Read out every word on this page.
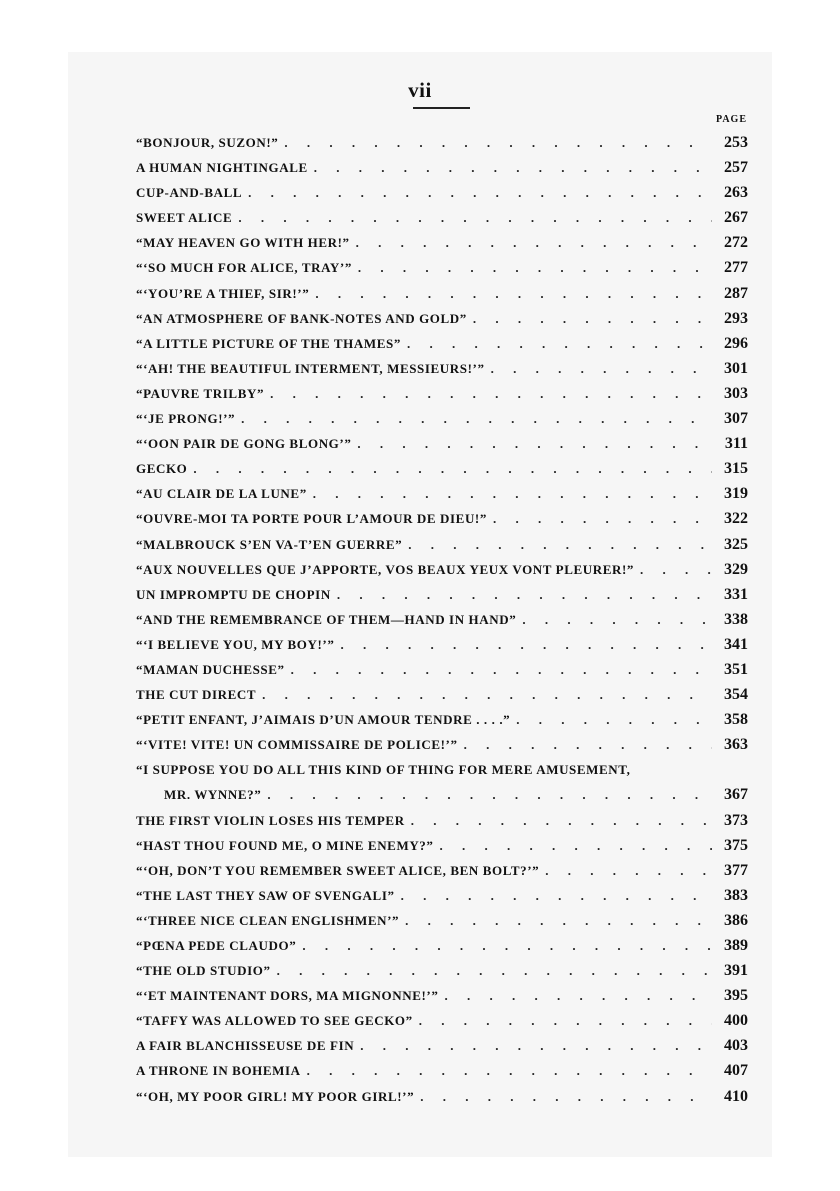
vii
PAGE
“BONJOUR, SUZON!” . . .	253
A HUMAN NIGHTINGALE . . .	257
CUP-AND-BALL . . .	263
SWEET ALICE . . .	267
“MAY HEAVEN GO WITH HER!” . . .	272
“‘SO MUCH FOR ALICE, TRAY’” . . .	277
“‘YOU’RE A THIEF, SIR!’” . . .	287
“AN ATMOSPHERE OF BANK-NOTES AND GOLD” . . .	293
“A LITTLE PICTURE OF THE THAMES” . . .	296
“‘AH! THE BEAUTIFUL INTERMENT, MESSIEURS!’” . . .	301
“PAUVRE TRILBY” . . .	303
“‘JE PRONG!’” . . .	307
“‘OON PAIR DE GONG BLONG’” . . .	311
GECKO . . .	315
“AU CLAIR DE LA LUNE” . . .	319
“OUVRE-MOI TA PORTE POUR L’AMOUR DE DIEU!” . . .	322
“MALBROUCK S’EN VA-T’EN GUERRE” . . .	325
“AUX NOUVELLES QUE J’APPORTE, VOS BEAUX YEUX VONT PLEURER!” . . .	329
UN IMPROMPTU DE CHOPIN . . .	331
“AND THE REMEMBRANCE OF THEM—HAND IN HAND” . . .	338
“‘I BELIEVE YOU, MY BOY!’” . . .	341
“MAMAN DUCHESSE” . . .	351
THE CUT DIRECT . . .	354
“PETIT ENFANT, J’AIMAIS D’UN AMOUR TENDRE . . . .” . . .	358
“‘VITE! VITE! UN COMMISSAIRE DE POLICE!’” . . .	363
“I SUPPOSE YOU DO ALL THIS KIND OF THING FOR MERE AMUSEMENT,
MR. WYNNE?” . . .	367
THE FIRST VIOLIN LOSES HIS TEMPER . . .	373
“HAST THOU FOUND ME, O MINE ENEMY?” . . .	375
“‘OH, DON’T YOU REMEMBER SWEET ALICE, BEN BOLT?’” . . .	377
“THE LAST THEY SAW OF SVENGALI” . . .	383
“‘THREE NICE CLEAN ENGLISHMEN’” . . .	386
“PŒNA PEDE CLAUDO” . . .	389
“THE OLD STUDIO” . . .	391
“‘ET MAINTENANT DORS, MA MIGNONNE!’” . . .	395
“TAFFY WAS ALLOWED TO SEE GECKO” . . .	400
A FAIR BLANCHISSEUSE DE FIN . . .	403
A THRONE IN BOHEMIA . . .	407
“‘OH, MY POOR GIRL! MY POOR GIRL!’” . . .	410
